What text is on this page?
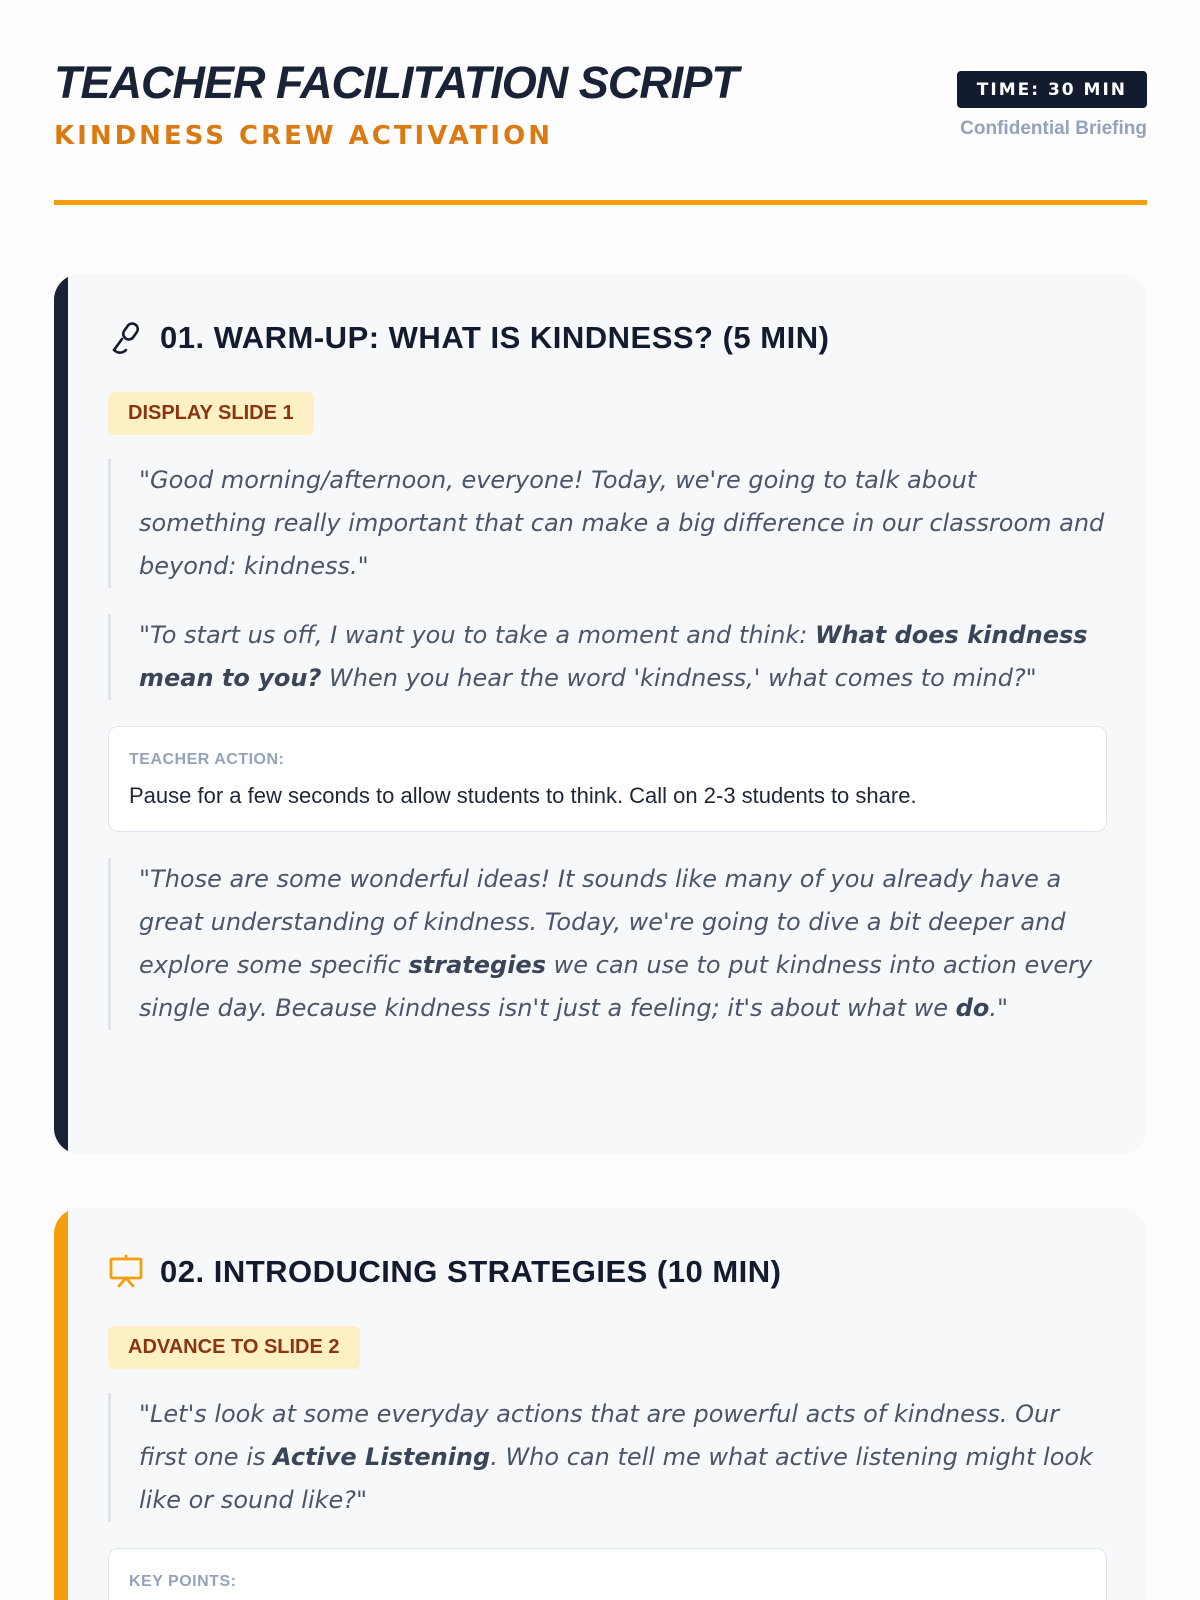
TEACHER FACILITATION SCRIPT
KINDNESS CREW ACTIVATION
TIME: 30 MIN
Confidential Briefing
01. WARM-UP: WHAT IS KINDNESS? (5 MIN)
DISPLAY SLIDE 1
"Good morning/afternoon, everyone! Today, we're going to talk about something really important that can make a big difference in our classroom and beyond: kindness."
"To start us off, I want you to take a moment and think: What does kindness mean to you? When you hear the word 'kindness,' what comes to mind?"
TEACHER ACTION:
Pause for a few seconds to allow students to think. Call on 2-3 students to share.
"Those are some wonderful ideas! It sounds like many of you already have a great understanding of kindness. Today, we're going to dive a bit deeper and explore some specific strategies we can use to put kindness into action every single day. Because kindness isn't just a feeling; it's about what we do."
02. INTRODUCING STRATEGIES (10 MIN)
ADVANCE TO SLIDE 2
"Let's look at some everyday actions that are powerful acts of kindness. Our first one is Active Listening. Who can tell me what active listening might look like or sound like?"
KEY POINTS:
